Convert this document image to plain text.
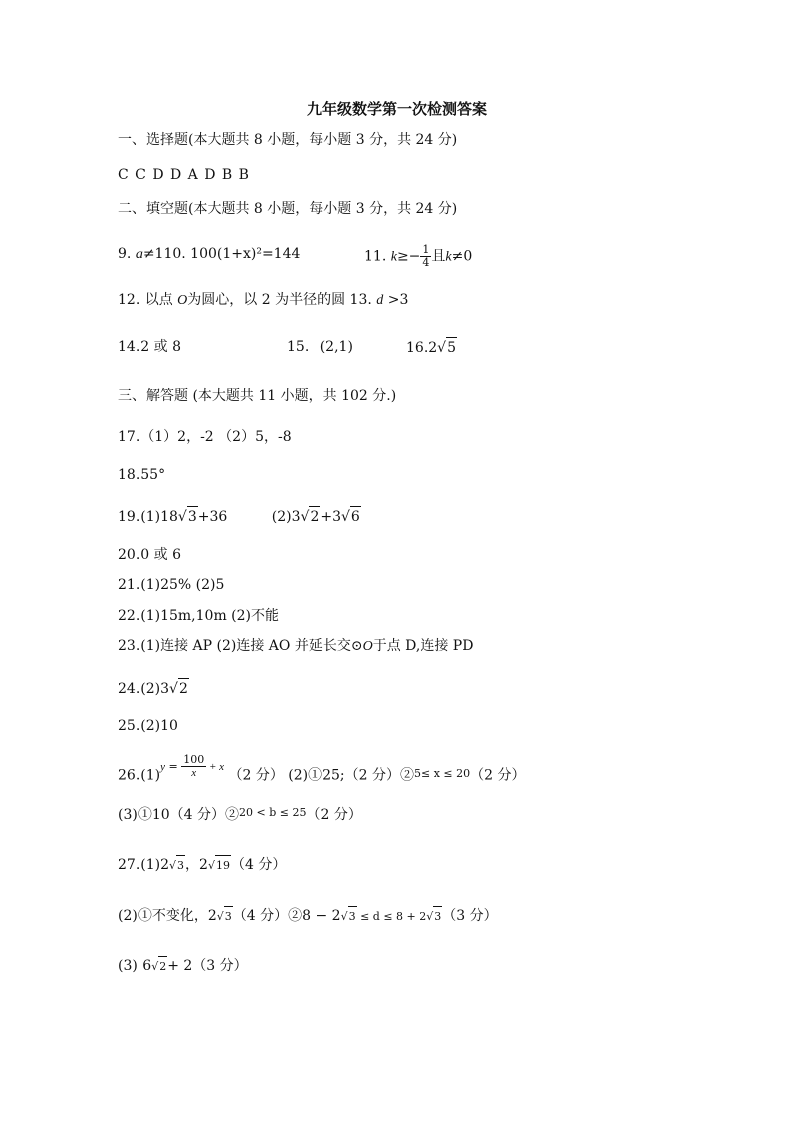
九年级数学第一次检测答案
一、选择题(本大题共 8 小题，每小题 3 分，共 24 分)
C C D D A D B B
二、填空题(本大题共 8 小题，每小题 3 分，共 24 分)
9. a≠110. 100(1+x)²=144	11. $k\ge- \frac{1}{4}$ 且k≠0
12. 以点 O为圆心，以 2 为半径的圆 13. d >3
14.2 或 8	15. (2,1)	16.2√5
三、解答题 (本大题共 11 小题，共 102 分.)
17.（1）2，-2 （2）5，-8
18.55°
19.(1)18√3+36	(2)3√2+3√6
20.0 或 6
21.(1)25% (2)5
22.(1)15m,10m (2)不能
23.(1)连接 AP (2)连接 AO 并延长交⊙O于点 D,连接 PD
24.(2)3√2
25.(2)10
$26.(1)^{y = \frac{100}{x} + x}$ （2 分） (2)①25;（2 分）②$^{5\le x \le 20}$（2 分）
(3)①10（4 分）②$^{20 < b \le 25}$（2 分）
27.(1)2√3，2√19（4 分）
(2)①不变化，2√3（4 分）②8 − 2√3 ≤ d ≤ 8 + 2√3（3 分）
(3) 6√2+ 2（3 分）
